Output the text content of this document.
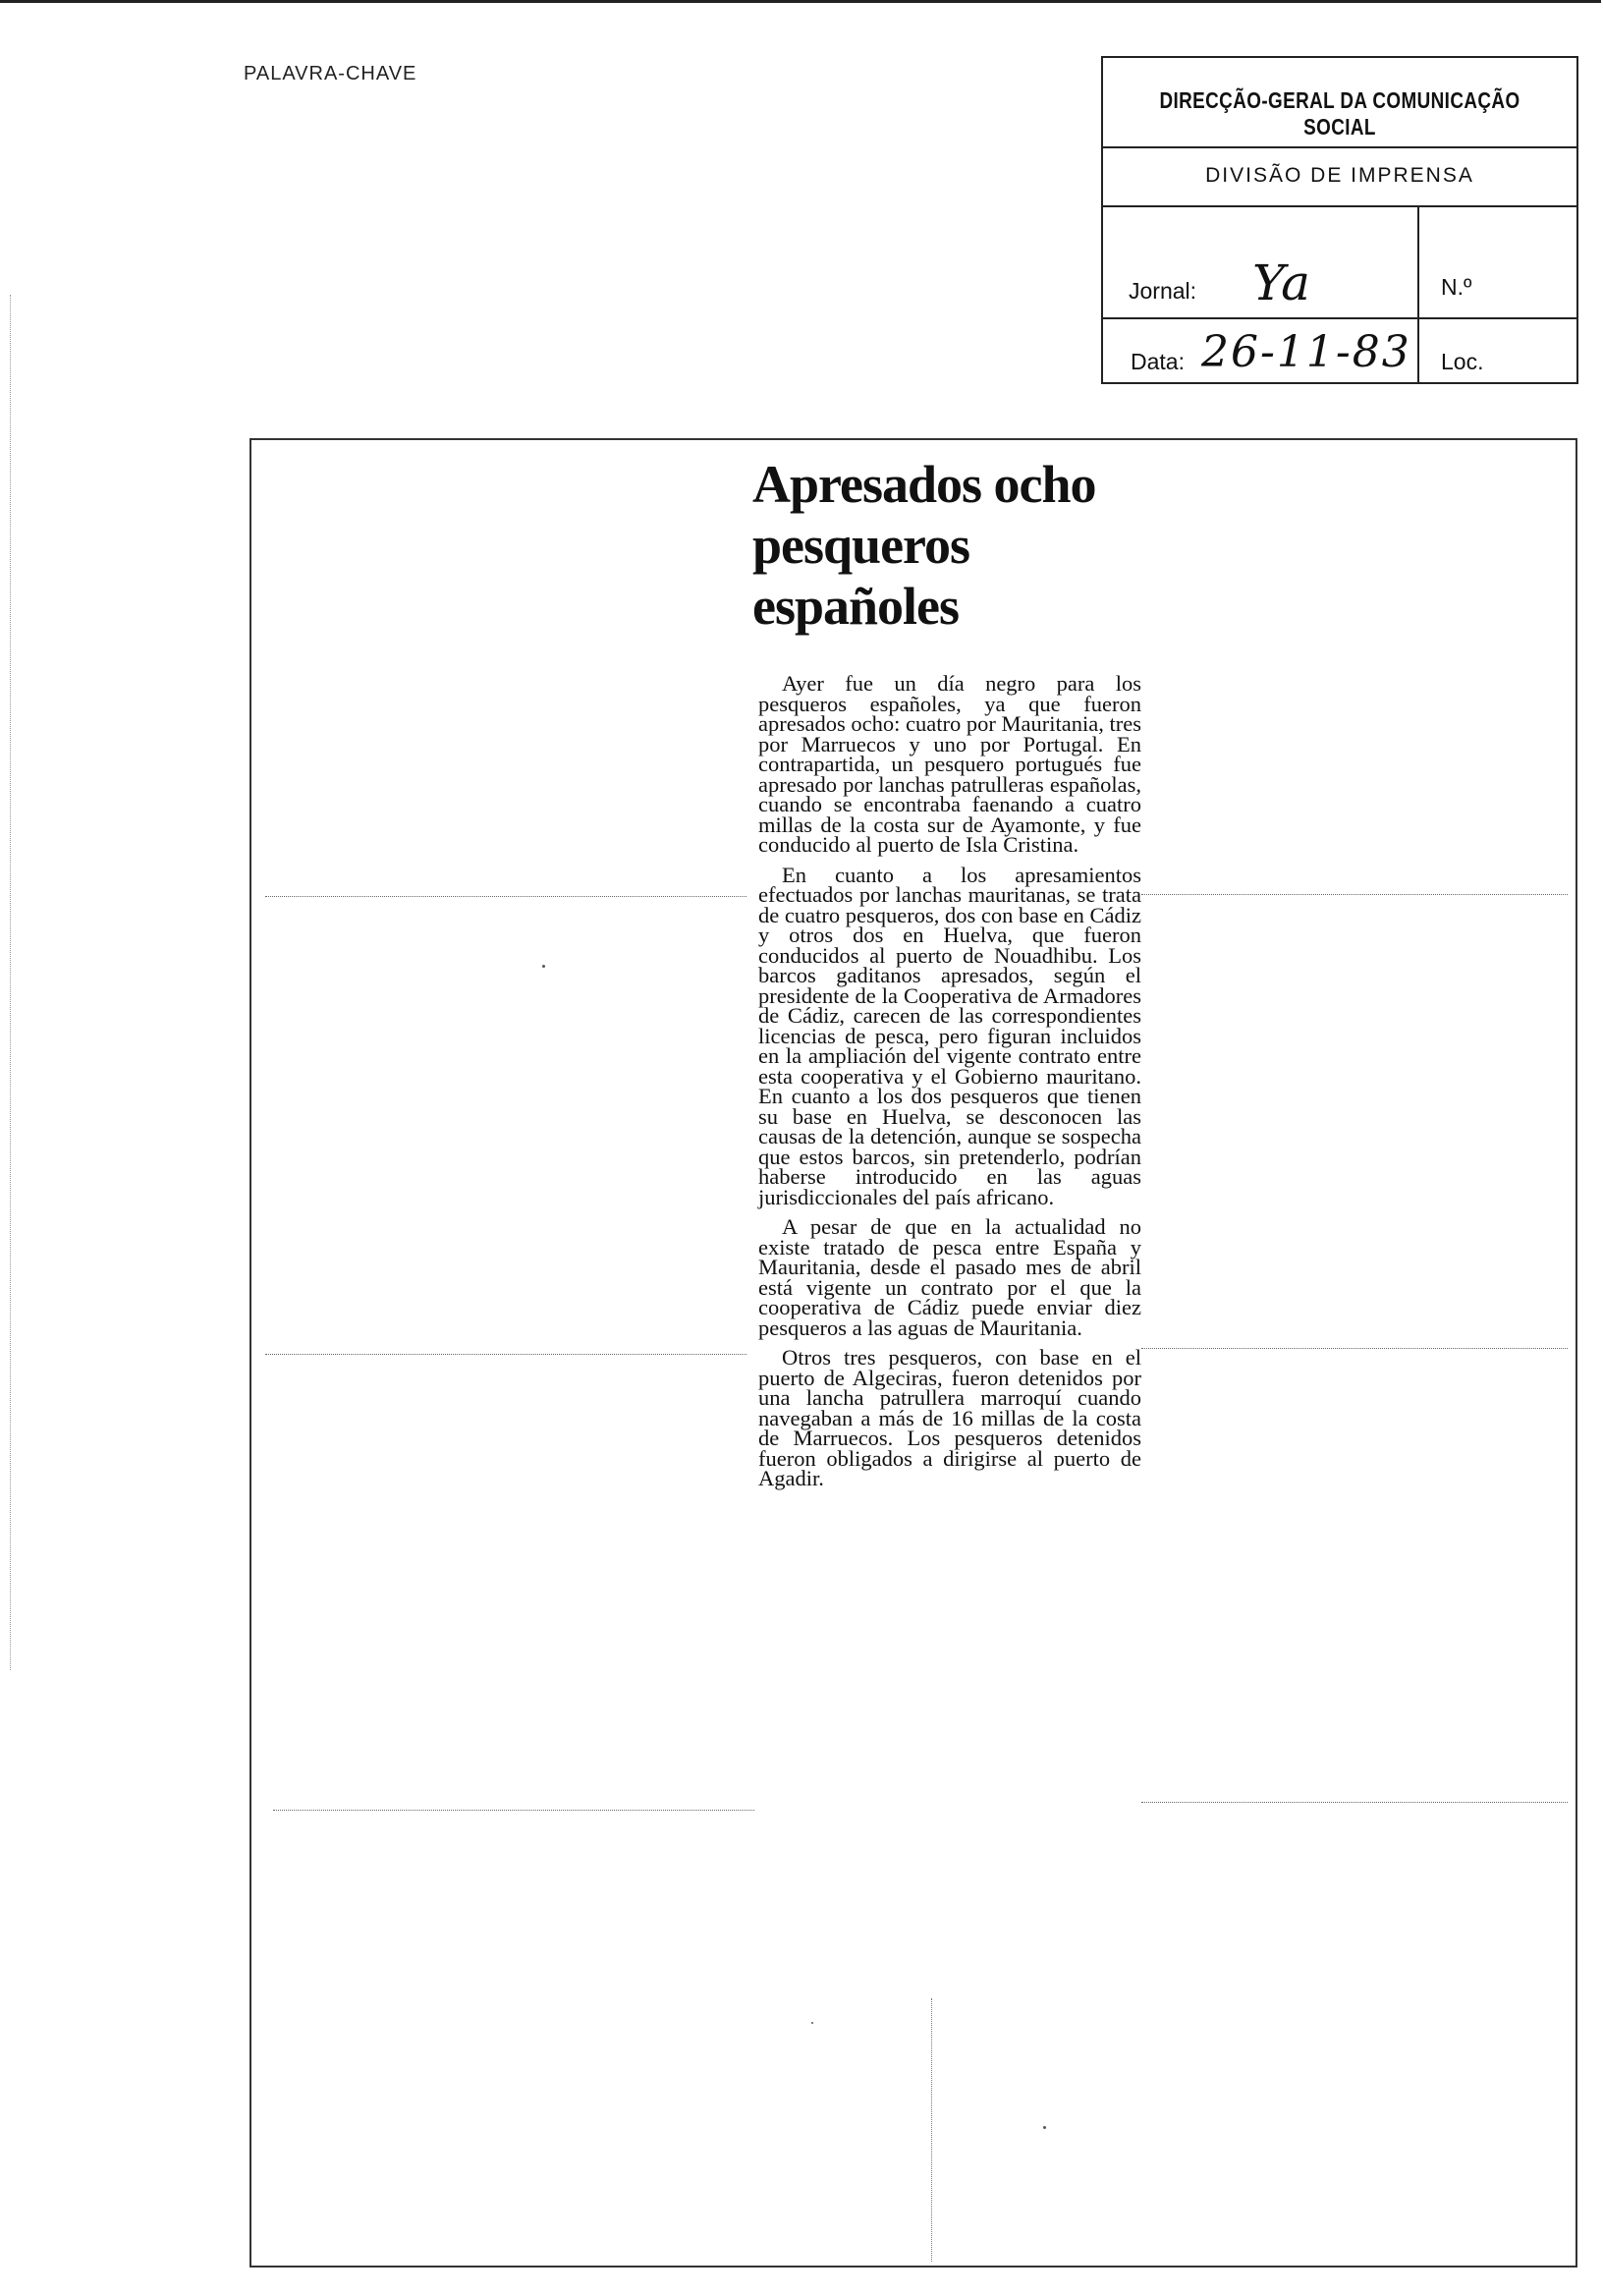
PALAVRA-CHAVE
DIRECÇÃO-GERAL DA COMUNICAÇÃO SOCIAL
DIVISÃO DE IMPRENSA
Jornal: Ya	N.º
Data: 26-11-83 Loc.
Apresados ocho pesqueros españoles

Ayer fue un día negro para los pesqueros españoles, ya que fueron apresados ocho: cuatro por Mauritania, tres por Marruecos y uno por Portugal. En contrapartida, un pesquero portugués fue apresado por lanchas patrulleras españolas, cuando se encontraba faenando a cuatro millas de la costa sur de Ayamonte, y fue conducido al puerto de Isla Cristina.

En cuanto a los apresamientos efectuados por lanchas mauritanas, se trata de cuatro pesqueros, dos con base en Cádiz y otros dos en Huelva, que fueron conducidos al puerto de Nouadhibu. Los barcos gaditanos apresados, según el presidente de la Cooperativa de Armadores de Cádiz, carecen de las correspondientes licencias de pesca, pero figuran incluidos en la ampliación del vigente contrato entre esta cooperativa y el Gobierno mauritano. En cuanto a los dos pesqueros que tienen su base en Huelva, se desconocen las causas de la detención, aunque se sospecha que estos barcos, sin pretenderlo, podrían haberse introducido en las aguas jurisdiccionales del país africano.

A pesar de que en la actualidad no existe tratado de pesca entre España y Mauritania, desde el pasado mes de abril está vigente un contrato por el que la cooperativa de Cádiz puede enviar diez pesqueros a las aguas de Mauritania.

Otros tres pesqueros, con base en el puerto de Algeciras, fueron detenidos por una lancha patrullera marroquí cuando navegaban a más de 16 millas de la costa de Marruecos. Los pesqueros detenidos fueron obligados a dirigirse al puerto de Agadir.
